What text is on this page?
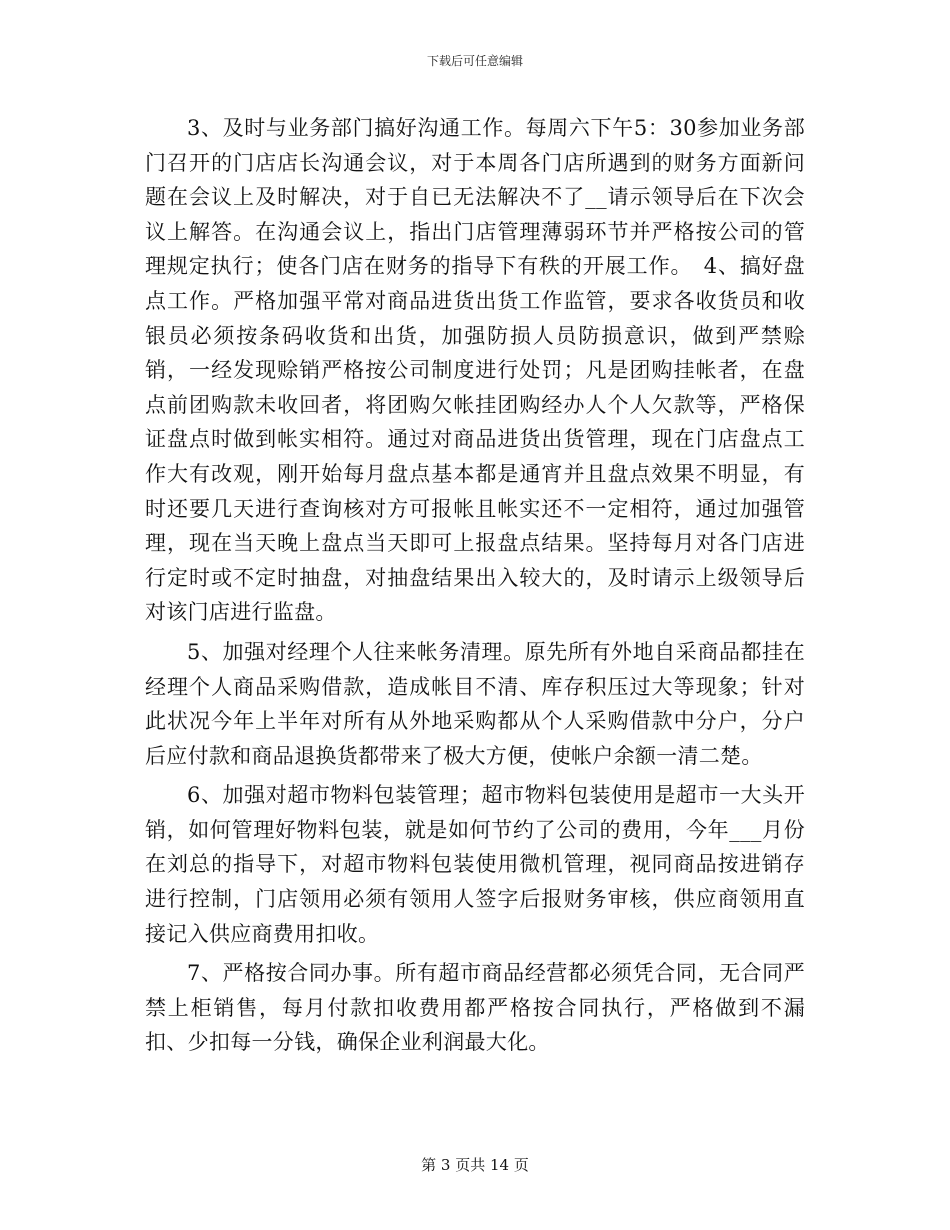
下载后可任意编辑

3、及时与业务部门搞好沟通工作。每周六下午5：30参加业务部门召开的门店店长沟通会议，对于本周各门店所遇到的财务方面新问题在会议上及时解决，对于自已无法解决不了__请示领导后在下次会议上解答。在沟通会议上，指出门店管理薄弱环节并严格按公司的管理规定执行；使各门店在财务的指导下有秩的开展工作。　4、搞好盘点工作。严格加强平常对商品进货出货工作监管，要求各收货员和收银员必须按条码收货和出货，加强防损人员防损意识，做到严禁赊销，一经发现赊销严格按公司制度进行处罚；凡是团购挂帐者，在盘点前团购款未收回者，将团购欠帐挂团购经办人个人欠款等，严格保证盘点时做到帐实相符。通过对商品进货出货管理，现在门店盘点工作大有改观，刚开始每月盘点基本都是通宵并且盘点效果不明显，有时还要几天进行查询核对方可报帐且帐实还不一定相符，通过加强管理，现在当天晚上盘点当天即可上报盘点结果。坚持每月对各门店进行定时或不定时抽盘，对抽盘结果出入较大的，及时请示上级领导后对该门店进行监盘。

5、加强对经理个人往来帐务清理。原先所有外地自采商品都挂在经理个人商品采购借款，造成帐目不清、库存积压过大等现象；针对此状况今年上半年对所有从外地采购都从个人采购借款中分户，分户后应付款和商品退换货都带来了极大方便，使帐户余额一清二楚。

6、加强对超市物料包装管理；超市物料包装使用是超市一大头开销，如何管理好物料包装，就是如何节约了公司的费用，今年___月份在刘总的指导下，对超市物料包装使用微机管理，视同商品按进销存进行控制，门店领用必须有领用人签字后报财务审核，供应商领用直接记入供应商费用扣收。

7、严格按合同办事。所有超市商品经营都必须凭合同，无合同严禁上柜销售，每月付款扣收费用都严格按合同执行，严格做到不漏扣、少扣每一分钱，确保企业利润最大化。

第 3 页共 14 页
